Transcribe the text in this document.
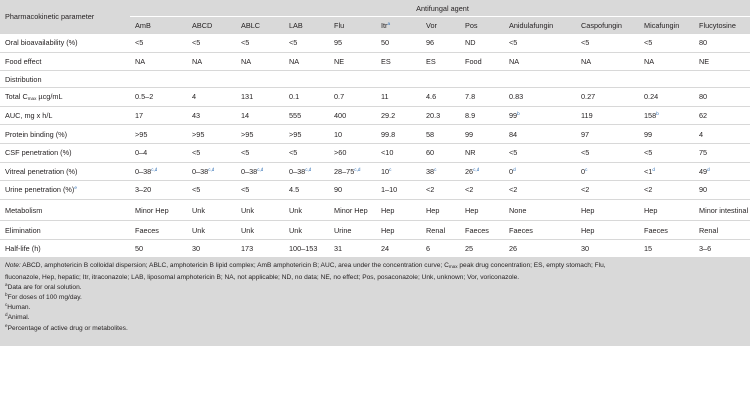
Pharmacokinetic parameter	Antifungal agent											
	AmB	ABCD	ABLC	LAB	Flu	Itr$^a$	Vor	Pos	Anidulafungin	Caspofungin	Micafungin	Flucytosine
Oral bioavailability (%)	<5	<5	<5	<5	95	50	96	ND	<5	<5	<5	80
Food effect	NA	NA	NA	NA	NE	ES	ES	Food	NA	NA	NA	NE
Distribution												
Total $C_{max}$ µcg/mL	0.5–2	4	131	0.1	0.7	11	4.6	7.8	0.83	0.27	0.24	80
AUC, mg x h/L	17	43	14	555	400	29.2	20.3	8.9	99$^b$	119	158$^b$	62
Protein binding (%)	>95	>95	>95	>95	10	99.8	58	99	84	97	99	4
CSF penetration (%)	0–4	<5	<5	<5	>60	<10	60	NR	<5	<5	<5	75
Vitreal penetration (%)	0–38$^{c,d}$	0–38$^{c,d}$	0–38$^{c,d}$	0–38$^{c,d}$	28–75$^{c,d}$	10$^c$	38$^c$	26$^{c,d}$	0$^d$	$0^c$	$<1^d$	49$^d$
Urine penetration (%)$^e$	3–20	<5	<5	4.5	90	1–10	<2	<2	<2	<2	<2	90
Metabolism	Minor Hep	Unk	Unk	Unk	Minor Hep	Hep	Hep	Hep	None	Hep	Hep	Minor intestinal

Elimination	Faeces	Unk	Unk	Unk	Urine	Hep	Renal	Faeces	Faeces	Hep	Faeces	Renal
Half-life (h)	50	30	173	100–153	31	24	6	25	26	30	15	3–6

Note: ABCD, amphotericin B colloidal dispersion; ABLC, amphotericin B lipid complex; AmB amphotericin B; AUC, area under the concentration curve; $C_{max}$ peak drug concentration; ES, empty stomach; Flu,

fluconazole, Hep, hepatic; Itr, itraconazole; LAB, liposomal amphotericin B; NA, not applicable; ND, no data; NE, no effect; Pos, posaconazole; Unk, unknown; Vor, voriconazole.

$^a$Data are for oral solution.

$^b$For doses of 100 mg/day.

$^c$Human.

$^d$Animal.

$^e$Percentage of active drug or metabolites.
